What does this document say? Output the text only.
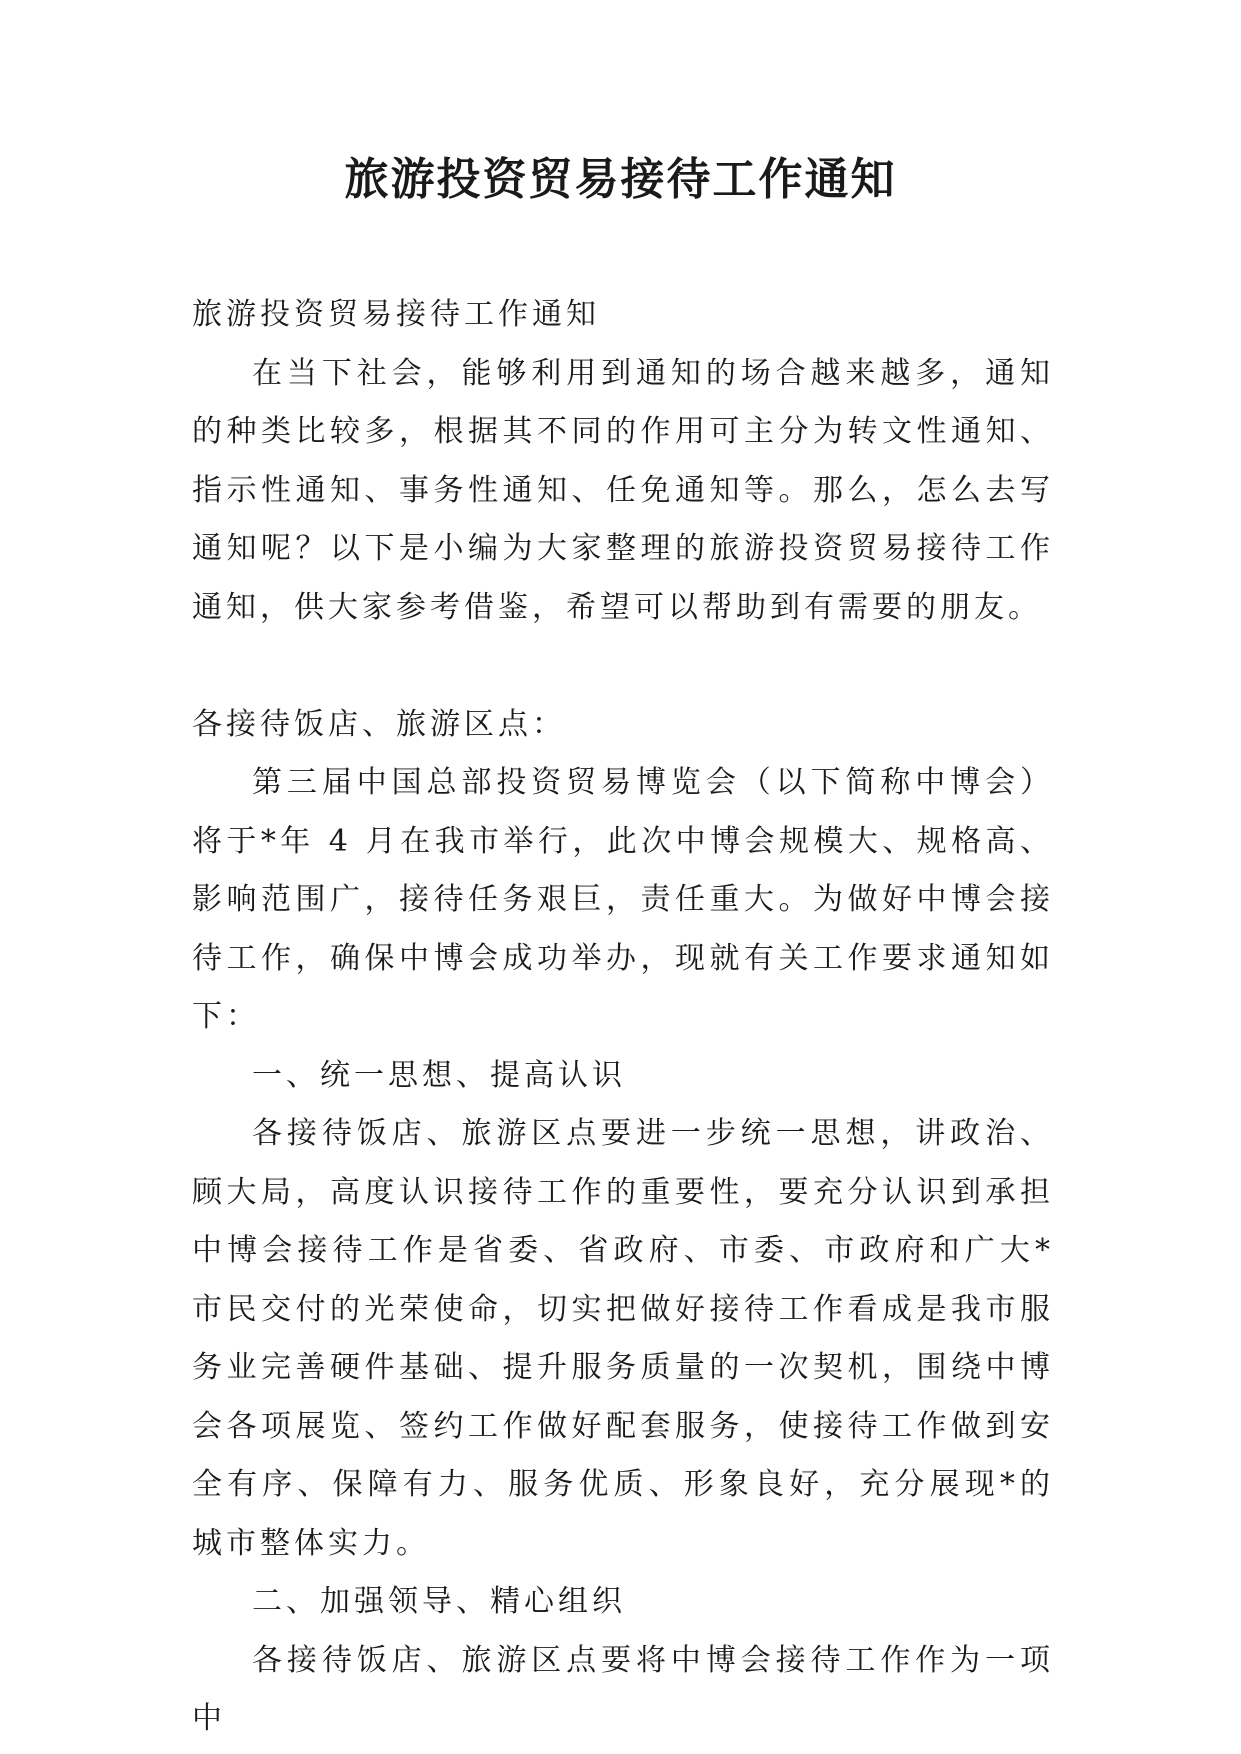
旅游投资贸易接待工作通知

旅游投资贸易接待工作通知

在当下社会，能够利用到通知的场合越来越多，通知的种类比较多，根据其不同的作用可主分为转文性通知、指示性通知、事务性通知、任免通知等。那么，怎么去写通知呢？以下是小编为大家整理的旅游投资贸易接待工作通知，供大家参考借鉴，希望可以帮助到有需要的朋友。

各接待饭店、旅游区点：

第三届中国总部投资贸易博览会（以下简称中博会）将于*年 4 月在我市举行，此次中博会规模大、规格高、影响范围广，接待任务艰巨，责任重大。为做好中博会接待工作，确保中博会成功举办，现就有关工作要求通知如下：

一、统一思想、提高认识

各接待饭店、旅游区点要进一步统一思想，讲政治、顾大局，高度认识接待工作的重要性，要充分认识到承担中博会接待工作是省委、省政府、市委、市政府和广大*市民交付的光荣使命，切实把做好接待工作看成是我市服务业完善硬件基础、提升服务质量的一次契机，围绕中博会各项展览、签约工作做好配套服务，使接待工作做到安全有序、保障有力、服务优质、形象良好，充分展现*的城市整体实力。

二、加强领导、精心组织

各接待饭店、旅游区点要将中博会接待工作作为一项中
